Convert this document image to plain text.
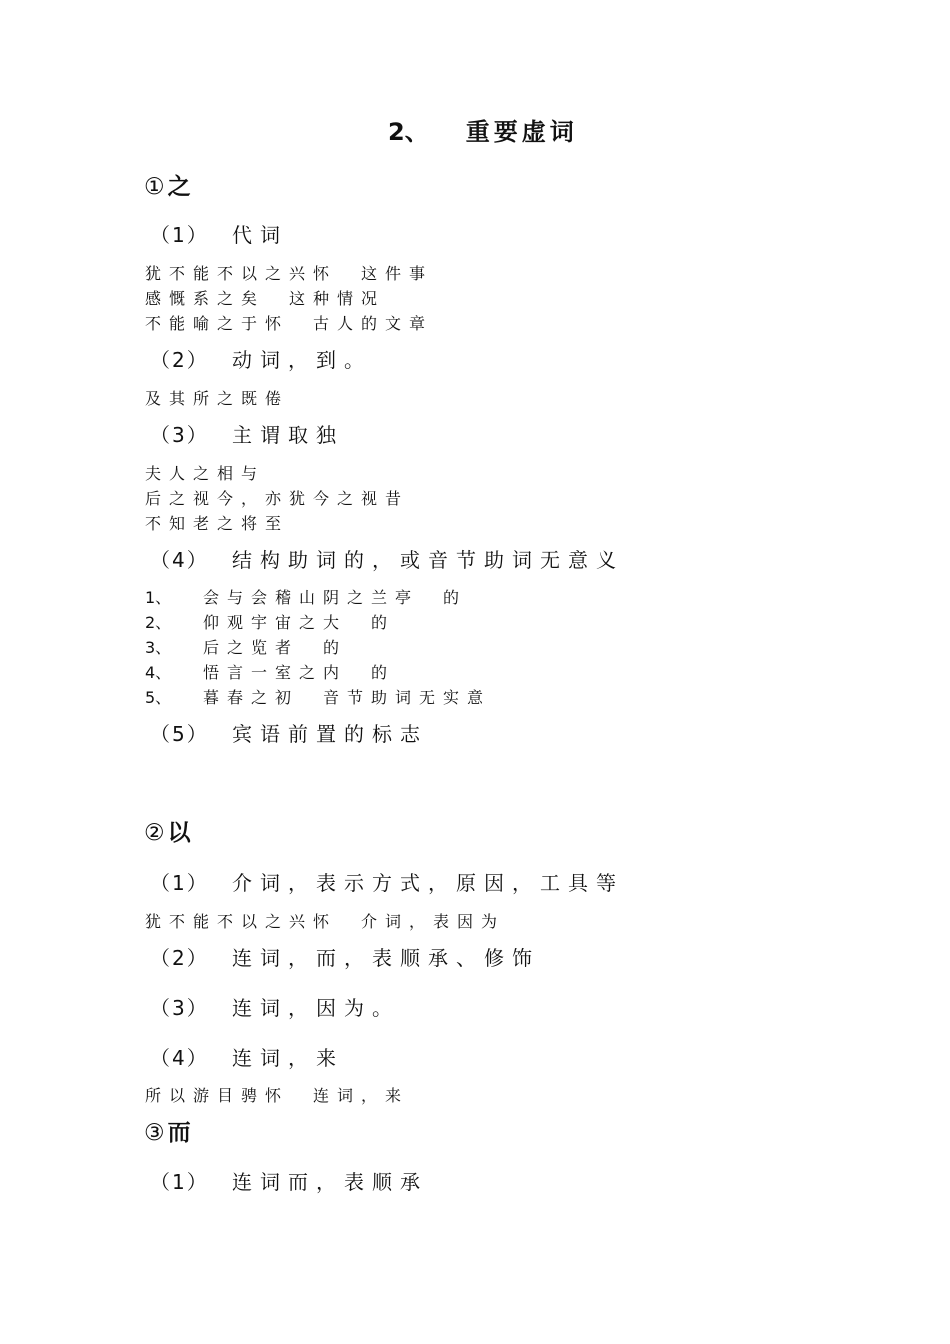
2、 重要虚词
① 之
（1） 代词
犹不能不以之兴怀　这件事
感慨系之矣　这种情况
不能喻之于怀　古人的文章
（2） 动词，到。
及其所之既倦
（3） 主谓取独
夫人之相与
后之视今，亦犹今之视昔
不知老之将至
（4） 结构助词的，或音节助词无意义
1、 会与会稽山阴之兰亭　的
2、 仰观宇宙之大　的
3、 后之览者　的
4、 悟言一室之内　的
5、 暮春之初　音节助词无实意
（5） 宾语前置的标志
② 以
（1） 介词，表示方式，原因，工具等
犹不能不以之兴怀　介词，表因为
（2） 连词，而，表顺承、修饰
（3） 连词，因为。
（4） 连词，来
所以游目骋怀　连词，来
③ 而
（1） 连词而，表顺承
